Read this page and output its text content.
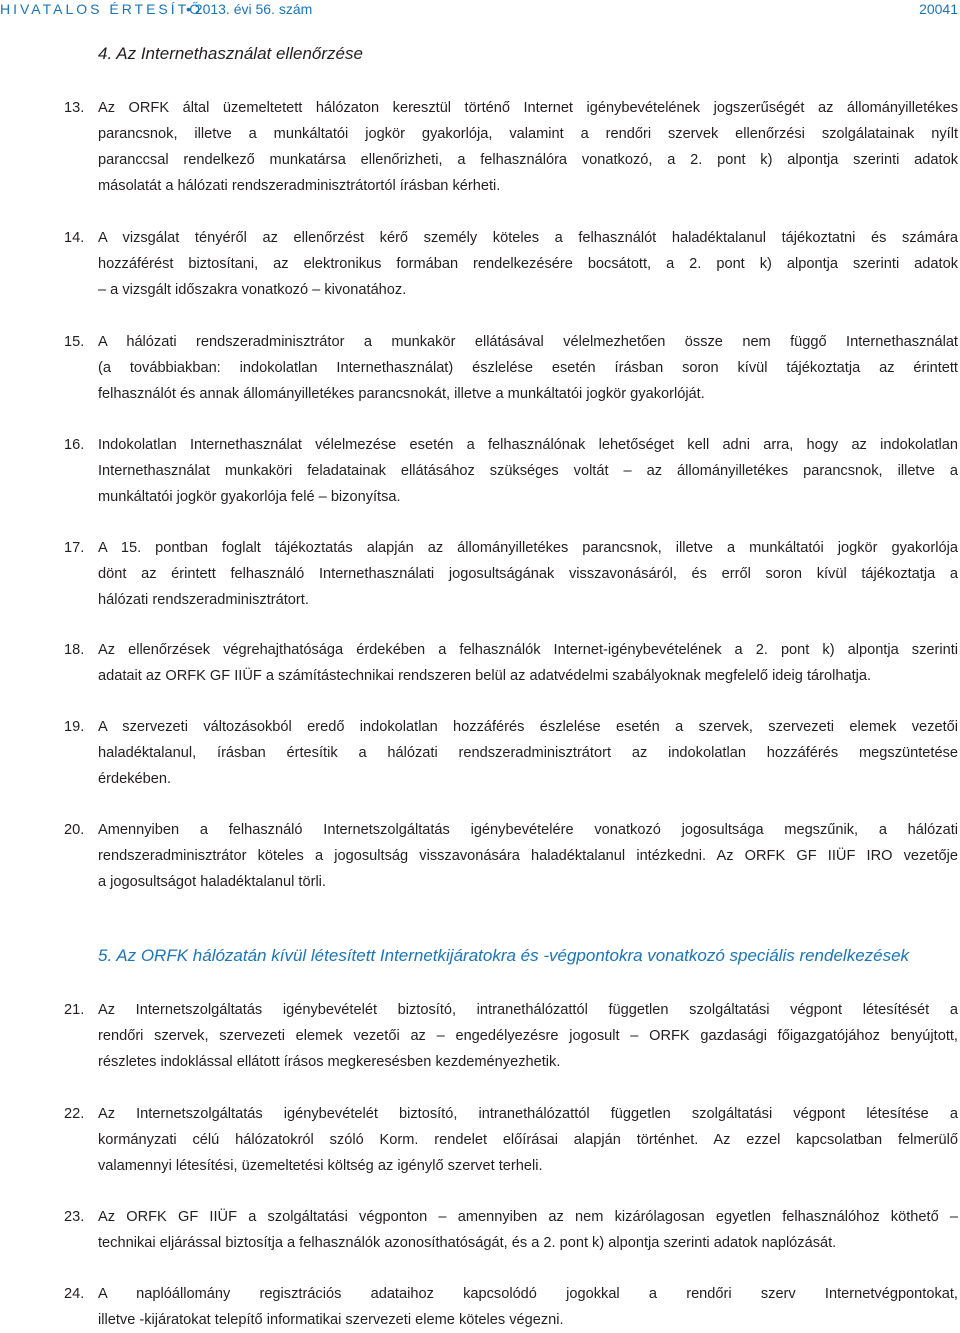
HIVATALOS ÉRTESÍTŐ
• 2013. évi 56. szám	20041
4. Az Internethasználat ellenőrzése
5. Az ORFK hálózatán kívül létesített Internetkijáratokra és -végpontokra vonatkozó speciális rendelkezések
13. Az ORFK által üzemeltetett hálózaton keresztül történő Internet igénybevételének jogszerűségét az állományilletékes
parancsnok, illetve a munkáltatói jogkör gyakorlója, valamint a rendőri szervek ellenőrzési szolgálatainak nyílt
paranccsal rendelkező munkatársa ellenőrizheti, a felhasználóra vonatkozó, a 2. pont k) alpontja szerinti adatok
másolatát a hálózati rendszeradminisztrátortól írásban kérheti.
14. A vizsgálat tényéről az ellenőrzést kérő személy köteles a felhasználót haladéktalanul tájékoztatni és számára
hozzáférést biztosítani, az elektronikus formában rendelkezésére bocsátott, a 2. pont k) alpontja szerinti adatok
– a vizsgált időszakra vonatkozó – kivonatához.
15. A hálózati rendszeradminisztrátor a munkakör ellátásával vélelmezhetően össze nem függő Internethasználat
(a továbbiakban: indokolatlan Internethasználat) észlelése esetén írásban soron kívül tájékoztatja az érintett
felhasználót és annak állományilletékes parancsnokát, illetve a munkáltatói jogkör gyakorlóját.
16. Indokolatlan Internethasználat vélelmezése esetén a felhasználónak lehetőséget kell adni arra, hogy az indokolatlan
Internethasználat munkaköri feladatainak ellátásához szükséges voltát – az állományilletékes parancsnok, illetve a
munkáltatói jogkör gyakorlója felé – bizonyítsa.
17. A 15. pontban foglalt tájékoztatás alapján az állományilletékes parancsnok, illetve a munkáltatói jogkör gyakorlója
dönt az érintett felhasználó Internethasználati jogosultságának visszavonásáról, és erről soron kívül tájékoztatja a
hálózati rendszeradminisztrátort.
18. Az ellenőrzések végrehajthatósága érdekében a felhasználók Internet-igénybevételének a 2. pont k) alpontja szerinti
adatait az ORFK GF IIÜF a számítástechnikai rendszeren belül az adatvédelmi szabályoknak megfelelő ideig tárolhatja.
19. A szervezeti változásokból eredő indokolatlan hozzáférés észlelése esetén a szervek, szervezeti elemek vezetői
haladéktalanul, írásban értesítik a hálózati rendszeradminisztrátort az indokolatlan hozzáférés megszüntetése
érdekében.
20. Amennyiben a felhasználó Internetszolgáltatás igénybevételére vonatkozó jogosultsága megszűnik, a hálózati
rendszeradminisztrátor köteles a jogosultság visszavonására haladéktalanul intézkedni. Az ORFK GF IIÜF IRO vezetője
a jogosultságot haladéktalanul törli.
21. Az Internetszolgáltatás igénybevételét biztosító, intranethálózattól független szolgáltatási végpont létesítését a
rendőri szervek, szervezeti elemek vezetői az – engedélyezésre jogosult – ORFK gazdasági főigazgatójához benyújtott,
részletes indoklással ellátott írásos megkeresésben kezdeményezhetik.
22. Az Internetszolgáltatás igénybevételét biztosító, intranethálózattól független szolgáltatási végpont létesítése a
kormányzati célú hálózatokról szóló Korm. rendelet előírásai alapján történhet. Az ezzel kapcsolatban felmerülő
valamennyi létesítési, üzemeltetési költség az igénylő szervet terheli.
23. Az ORFK GF IIÜF a szolgáltatási végponton – amennyiben az nem kizárólagosan egyetlen felhasználóhoz köthető –
technikai eljárással biztosítja a felhasználók azonosíthatóságát, és a 2. pont k) alpontja szerinti adatok naplózását.
24. A naplóállomány regisztrációs adataihoz kapcsolódó jogokkal a rendőri szerv Internetvégpontokat,
illetve -kijáratokat telepítő informatikai szervezeti eleme köteles végezni.
